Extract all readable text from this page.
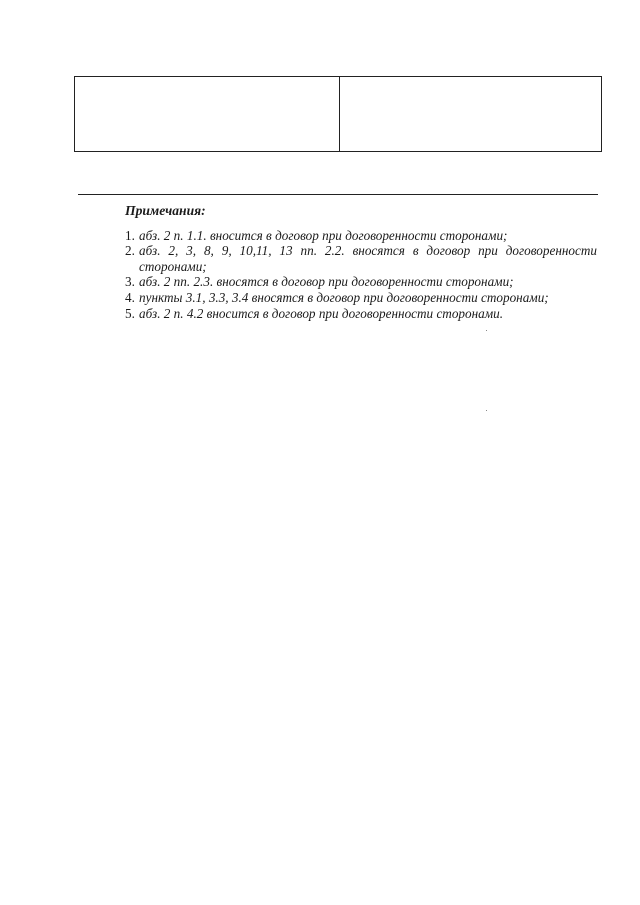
Примечания:
1. абз. 2 п. 1.1. вносится в договор при договоренности сторонами;
2. абз. 2, 3, 8, 9, 10,11, 13 пп. 2.2. вносятся в договор при договоренности сторонами;
3. абз. 2 пп. 2.3. вносятся в договор при договоренности сторонами;
4. пункты 3.1, 3.3, 3.4 вносятся в договор при договоренности сторонами;
5. абз. 2 п. 4.2 вносится в договор при договоренности сторонами.
